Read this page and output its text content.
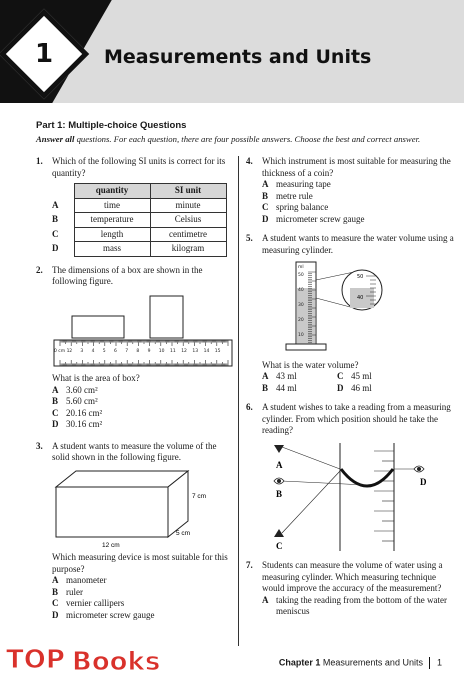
1	Measurements and Units
Part 1: Multiple-choice Questions
Answer all questions. For each question, there are four possible answers. Choose the best and correct answer.
1. Which of the following SI units is correct for its quantity?
	quantity	SI unit
A	time	minute
B	temperature	Celsius
C	length	centimetre
D	mass	kilogram
2. The dimensions of a box are shown in the following figure.
0 cm 1 2 3 4 5 6 7 8 9 10 11 12 13 14 15
What is the area of box?
A 3.60 cm²
B 5.60 cm²
C 20.16 cm²
D 30.16 cm²
3. A student wants to measure the volume of the solid shown in the following figure.
7 cm
5 cm
12 cm
Which measuring device is most suitable for this purpose?
A manometer
B ruler
C vernier callipers
D micrometer screw gauge
4. Which instrument is most suitable for measuring the thickness of a coin?
A measuring tape
B metre rule
C spring balance
D micrometer screw gauge
5. A student wants to measure the water volume using a measuring cylinder.
ml
50
40
30
20
10
50
40
What is the water volume?
A 43 ml	C 45 ml
B 44 ml	D 46 ml
6. A student wishes to take a reading from a measuring cylinder. From which position should he take the reading?
A
B
C
D
7. Students can measure the volume of water using a measuring cylinder. Which measuring technique would improve the accuracy of the measurement?
A taking the reading from the bottom of the water meniscus
TOP Books	Chapter 1 Measurements and Units 1
